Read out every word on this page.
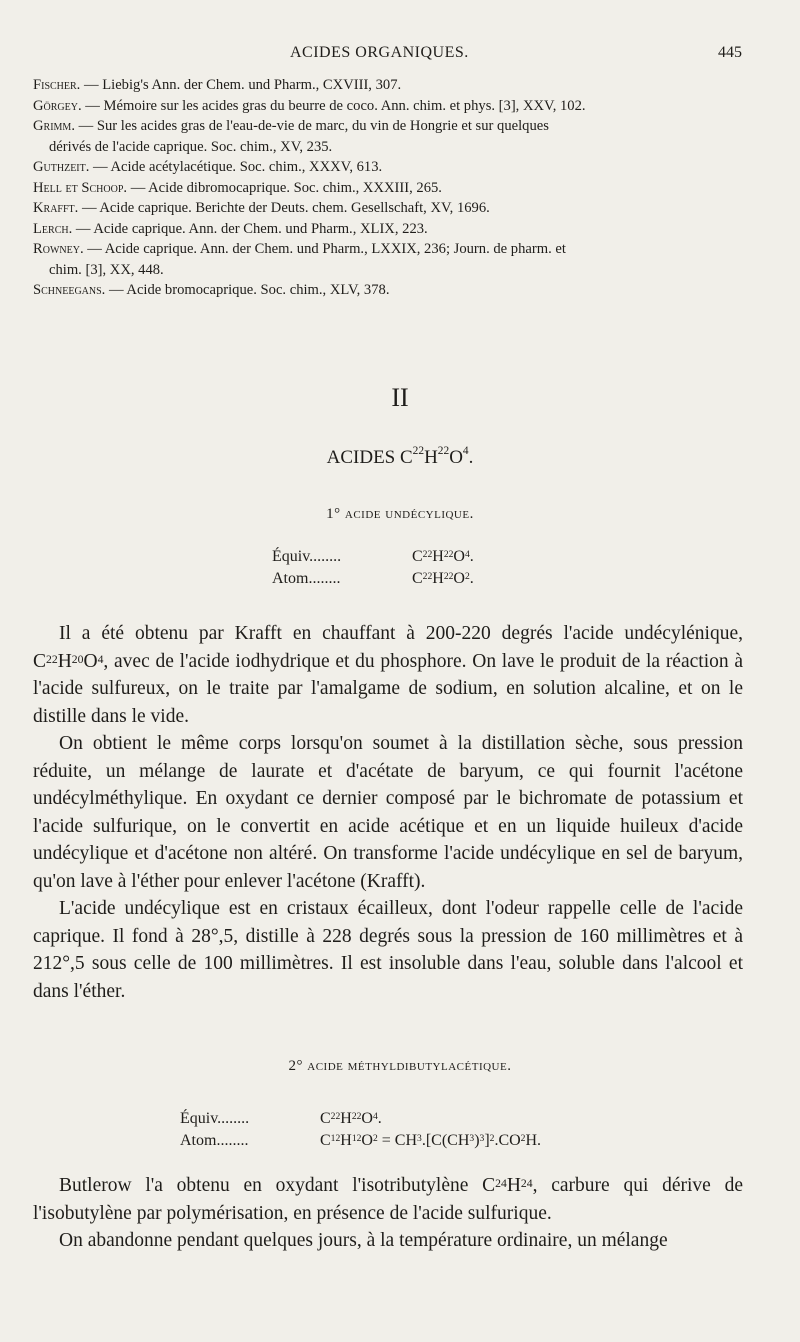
ACIDES ORGANIQUES.	445
Fischer. — Liebig's Ann. der Chem. und Pharm., CXVIII, 307.
Görgey. — Mémoire sur les acides gras du beurre de coco. Ann. chim. et phys. [3], XXV, 102.
Grimm. — Sur les acides gras de l'eau-de-vie de marc, du vin de Hongrie et sur quelques
dérivés de l'acide caprique. Soc. chim., XV, 235.
Guthzeit. — Acide acétylacétique. Soc. chim., XXXV, 613.
Hell et Schoop. — Acide dibromocaprique. Soc. chim., XXXIII, 265.
Krafft. — Acide caprique. Berichte der Deuts. chem. Gesellschaft, XV, 1696.
Lerch. — Acide caprique. Ann. der Chem. und Pharm., XLIX, 223.
Rowney. — Acide caprique. Ann. der Chem. und Pharm., LXXIX, 236; Journ. de pharm. et
chim. [3], XX, 448.
Schneegans. — Acide bromocaprique. Soc. chim., XLV, 378.
II
ACIDES $C^{22}H^{22}O^4$.
1° acide undécylique.
Équiv........	$C^{22}H^{22}O^4$.
Atom........	$C^{22}H^{22}O^2$.

Il a été obtenu par Krafft en chauffant à 200-220 degrés l'acide undécylénique, $C^{22}H^{20}O^4$, avec de l'acide iodhydrique et du phosphore. On lave le produit de la réaction à l'acide sulfureux, on le traite par l'amalgame de sodium, en solution alcaline, et on le distille dans le vide.

On obtient le même corps lorsqu'on soumet à la distillation sèche, sous pression réduite, un mélange de laurate et d'acétate de baryum, ce qui fournit l'acétone undécylméthylique. En oxydant ce dernier composé par le bichromate de potassium et l'acide sulfurique, on le convertit en acide acétique et en un liquide huileux d'acide undécylique et d'acétone non altéré. On transforme l'acide undécylique en sel de baryum, qu'on lave à l'éther pour enlever l'acétone (Krafft).

L'acide undécylique est en cristaux écailleux, dont l'odeur rappelle celle de l'acide caprique. Il fond à 28°,5, distille à 228 degrés sous la pression de 160 millimètres et à 212°,5 sous celle de 100 millimètres. Il est insoluble dans l'eau, soluble dans l'alcool et dans l'éther.

2° acide méthyldibutylacétique.
Équiv........	$C^{22}H^{22}O^4$.
Atom........	$C^{12}H^{12}O^2 = CH^3.[C(CH^3)^3]^2.CO^2H$.

Butlerow l'a obtenu en oxydant l'isotributylène $C^{24}H^{24}$, carbure qui dérive de l'isobutylène par polymérisation, en présence de l'acide sulfurique.

On abandonne pendant quelques jours, à la température ordinaire, un mélange
